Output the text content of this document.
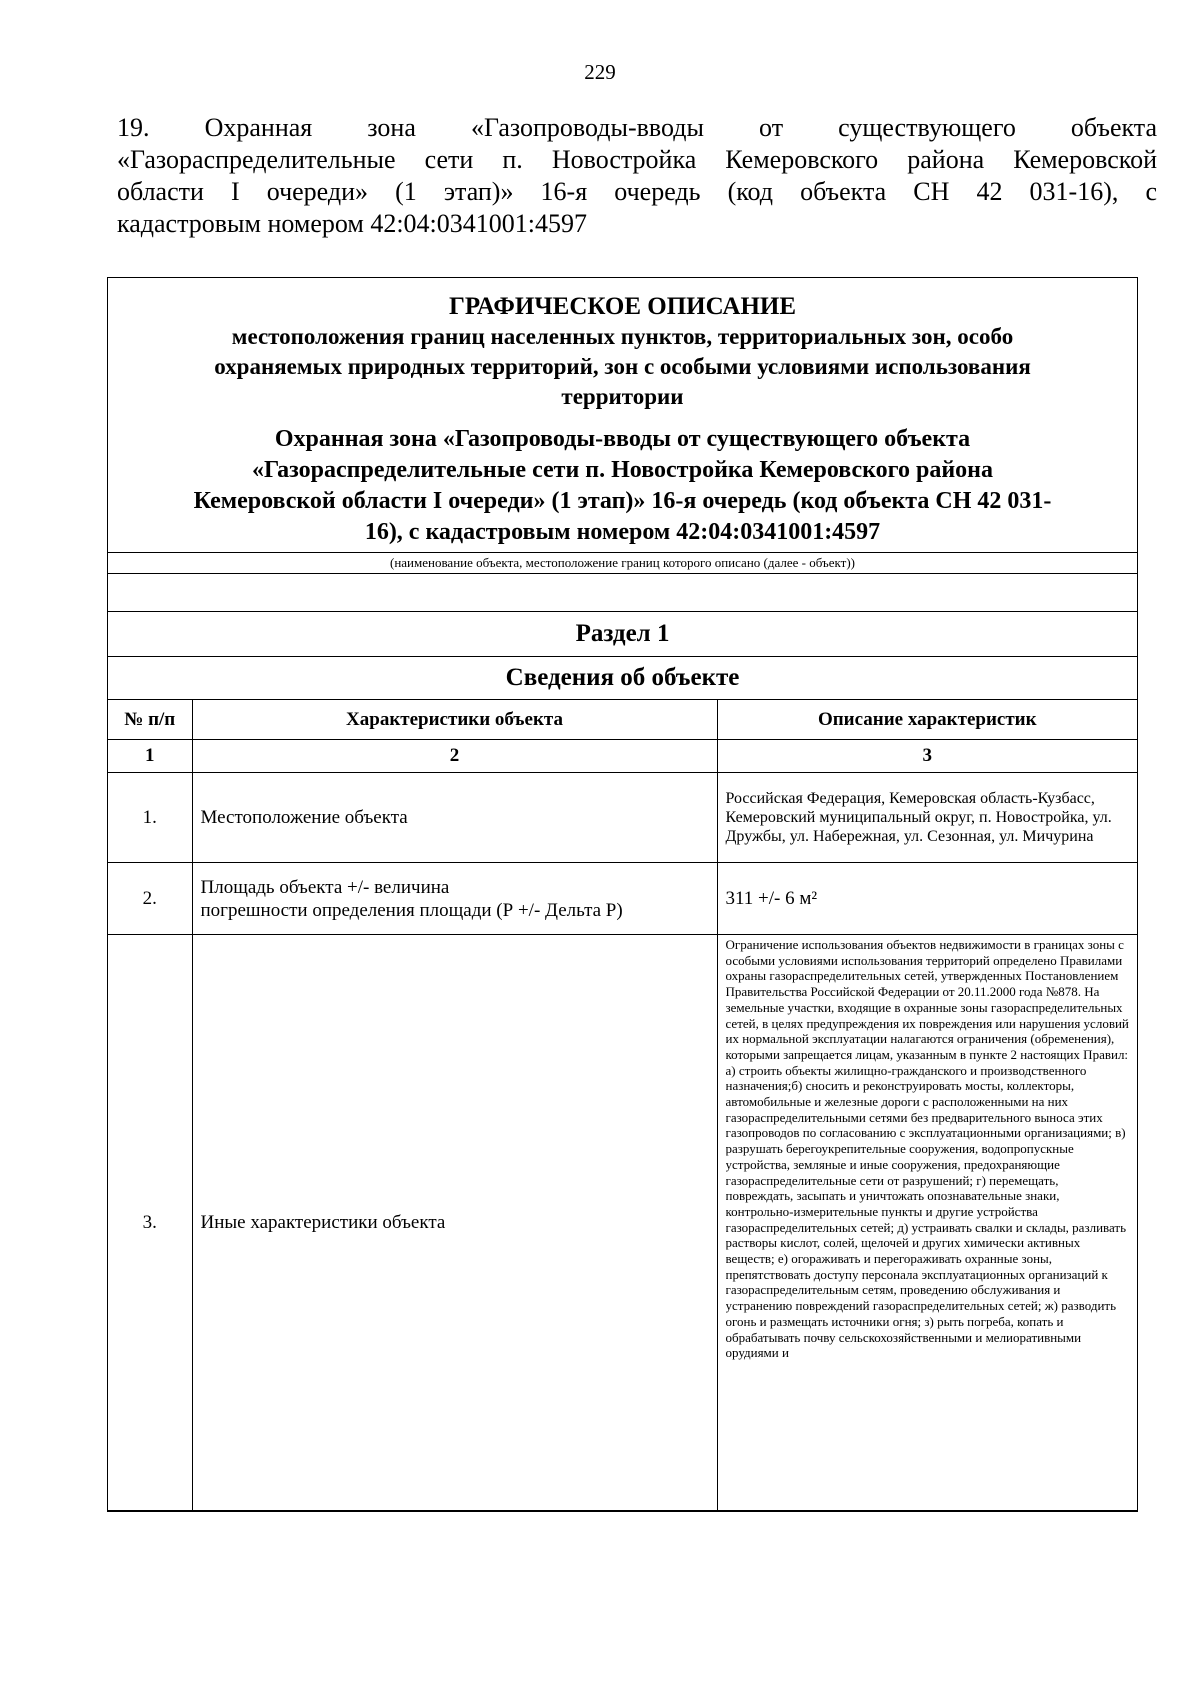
229
19. Охранная зона «Газопроводы-вводы от существующего объекта
«Газораспределительные сети п. Новостройка Кемеровского района Кемеровской
области I очереди» (1 этап)» 16-я очередь (код объекта СН 42 031-16), с
кадастровым номером 42:04:0341001:4597
ГРАФИЧЕСКОЕ ОПИСАНИЕ
местоположения границ населенных пунктов, территориальных зон, особо
охраняемых природных территорий, зон с особыми условиями использования
территории
Охранная зона «Газопроводы-вводы от существующего объекта
«Газораспределительные сети п. Новостройка Кемеровского района
Кемеровской области I очереди» (1 этап)» 16-я очередь (код объекта СН 42 031-
16), с кадастровым номером 42:04:0341001:4597
(наименование объекта, местоположение границ которого описано (далее - объект))
Раздел 1		
Сведения об объекте		
№ п/п	Характеристики объекта	Описание характеристик
1	2	3
1.	Местоположение объекта	Российская Федерация, Кемеровская область-Кузбасс, Кемеровский муниципальный округ, п. Новостройка, ул. Дружбы, ул. Набережная, ул. Сезонная, ул. Мичурина
2.	Площадь объекта +/- величина
погрешности определения площади (Р +/- Дельта Р)	311 +/- 6 м²
3.	Иные характеристики объекта	Ограничение использования объектов недвижимости в границах зоны с особыми условиями использования территорий определено Правилами охраны газораспределительных сетей, утвержденных Постановлением Правительства Российской Федерации от 20.11.2000 года №878. На земельные участки, входящие в охранные зоны газораспределительных сетей, в целях предупреждения их повреждения или нарушения условий их нормальной эксплуатации налагаются ограничения (обременения), которыми запрещается лицам, указанным в пункте 2 настоящих Правил: а) строить объекты жилищно-гражданского и производственного назначения;б) сносить и реконструировать мосты, коллекторы, автомобильные и железные дороги с расположенными на них газораспределительными сетями без предварительного выноса этих газопроводов по согласованию с эксплуатационными организациями; в) разрушать берегоукрепительные сооружения, водопропускные устройства, земляные и иные сооружения, предохраняющие газораспределительные сети от разрушений; г) перемещать, повреждать, засыпать и уничтожать опознавательные знаки, контрольно-измерительные пункты и другие устройства газораспределительных сетей; д) устраивать свалки и склады, разливать растворы кислот, солей, щелочей и других химически активных веществ; е) огораживать и перегораживать охранные зоны, препятствовать доступу персонала эксплуатационных организаций к газораспределительным сетям, проведению обслуживания и устранению повреждений газораспределительных сетей; ж) разводить огонь и размещать источники огня; з) рыть погреба, копать и обрабатывать почву сельскохозяйственными и мелиоративными орудиями и
